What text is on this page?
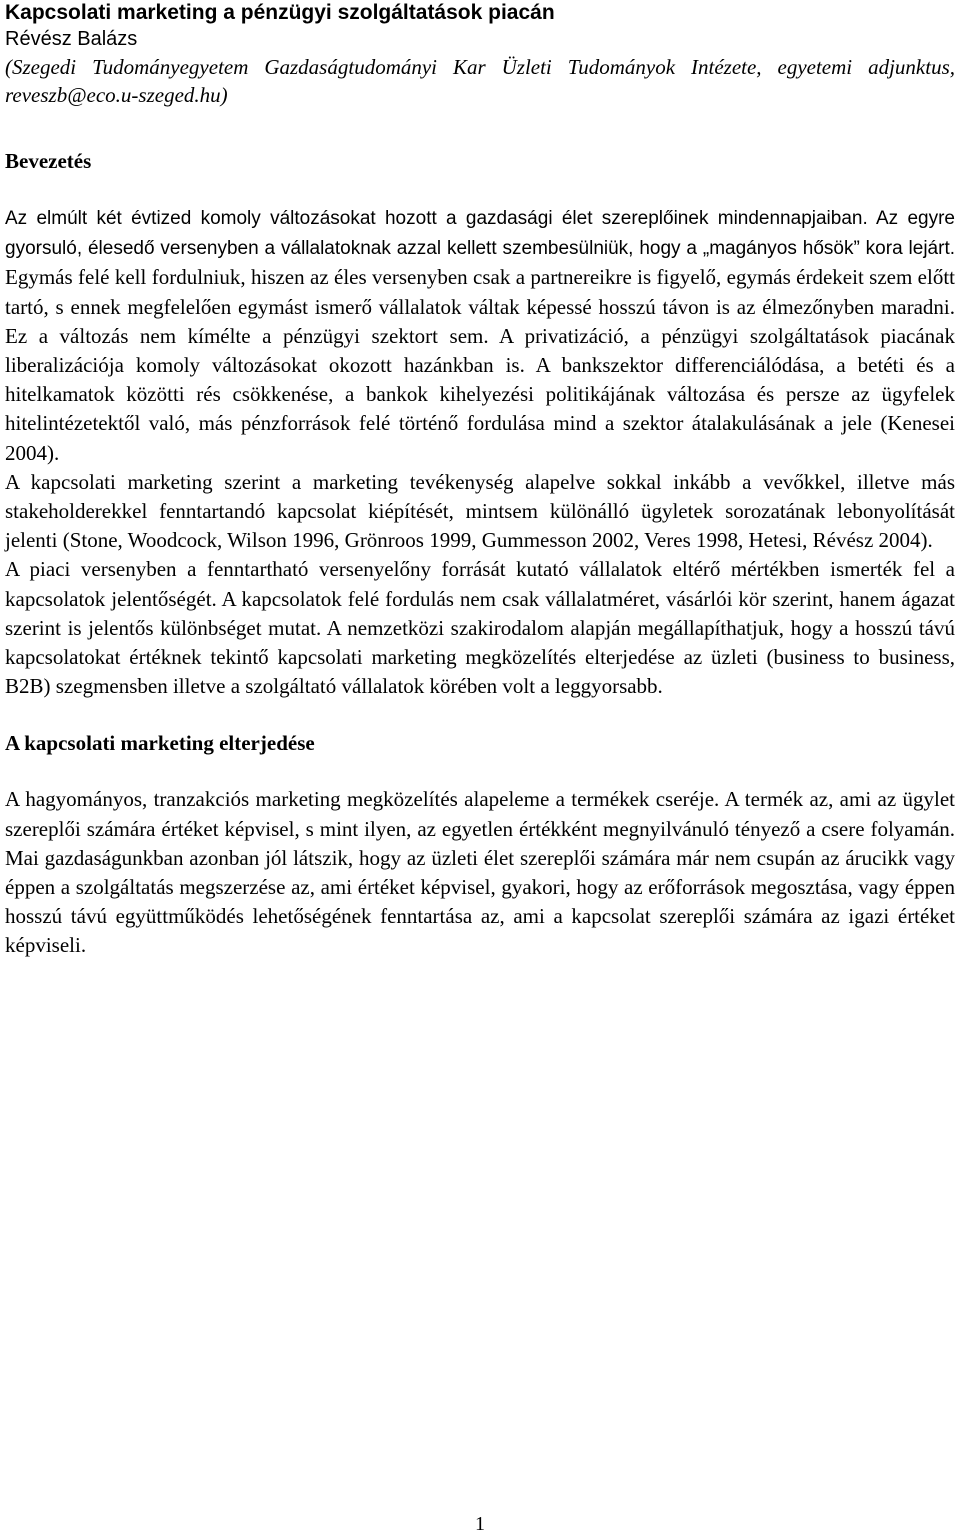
Kapcsolati marketing a pénzügyi szolgáltatások piacán
Révész Balázs
(Szegedi Tudományegyetem Gazdaságtudományi Kar Üzleti Tudományok Intézete, egyetemi adjunktus, reveszb@eco.u-szeged.hu)
Bevezetés

Az elmúlt két évtized komoly változásokat hozott a gazdasági élet szereplőinek mindennapjaiban. Az egyre gyorsuló, élesedő versenyben a vállalatoknak azzal kellett szembesülniük, hogy a „magányos hősök” kora lejárt. Egymás felé kell fordulniuk, hiszen az éles versenyben csak a partnereikre is figyelő, egymás érdekeit szem előtt tartó, s ennek megfelelően egymást ismerő vállalatok váltak képessé hosszú távon is az élmezőnyben maradni. Ez a változás nem kímélte a pénzügyi szektort sem. A privatizáció, a pénzügyi szolgáltatások piacának liberalizációja komoly változásokat okozott hazánkban is. A bankszektor differenciálódása, a betéti és a hitelkamatok közötti rés csökkenése, a bankok kihelyezési politikájának változása és persze az ügyfelek hitelintézetektől való, más pénzforrások felé történő fordulása mind a szektor átalakulásának a jele (Kenesei 2004).

A kapcsolati marketing szerint a marketing tevékenység alapelve sokkal inkább a vevőkkel, illetve más stakeholderekkel fenntartandó kapcsolat kiépítését, mintsem különálló ügyletek sorozatának lebonyolítását jelenti (Stone, Woodcock, Wilson 1996, Grönroos 1999, Gummesson 2002, Veres 1998, Hetesi, Révész 2004).

A piaci versenyben a fenntartható versenyelőny forrását kutató vállalatok eltérő mértékben ismerték fel a kapcsolatok jelentőségét. A kapcsolatok felé fordulás nem csak vállalatméret, vásárlói kör szerint, hanem ágazat szerint is jelentős különbséget mutat. A nemzetközi szakirodalom alapján megállapíthatjuk, hogy a hosszú távú kapcsolatokat értéknek tekintő kapcsolati marketing megközelítés elterjedése az üzleti (business to business, B2B) szegmensben illetve a szolgáltató vállalatok körében volt a leggyorsabb.

A kapcsolati marketing elterjedése

A hagyományos, tranzakciós marketing megközelítés alapeleme a termékek cseréje. A termék az, ami az ügylet szereplői számára értéket képvisel, s mint ilyen, az egyetlen értékként megnyilvánuló tényező a csere folyamán. Mai gazdaságunkban azonban jól látszik, hogy az üzleti élet szereplői számára már nem csupán az árucikk vagy éppen a szolgáltatás megszerzése az, ami értéket képvisel, gyakori, hogy az erőforrások megosztása, vagy éppen hosszú távú együttműködés lehetőségének fenntartása az, ami a kapcsolat szereplői számára az igazi értéket képviseli.

1
